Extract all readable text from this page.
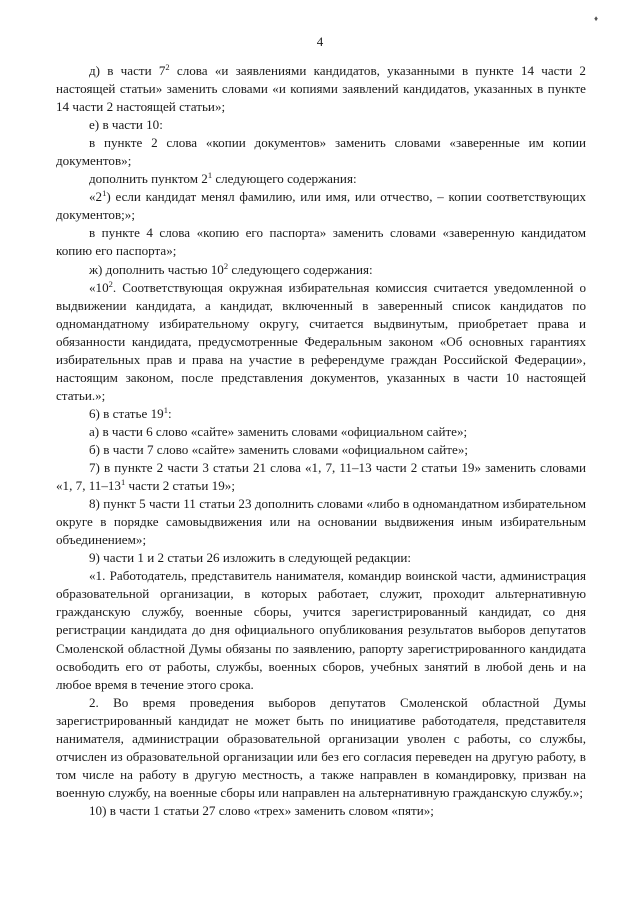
♦
4

д) в части $7^2$ слова «и заявлениями кандидатов, указанными в пункте 14 части 2 настоящей статьи» заменить словами «и копиями заявлений кандидатов, указанных в пункте 14 части 2 настоящей статьи»;

е) в части 10:

в пункте 2 слова «копии документов» заменить словами «заверенные им копии документов»;

дополнить пунктом $2^1$ следующего содержания:

«$2^1$) если кандидат менял фамилию, или имя, или отчество, – копии соответствующих документов;»;

в пункте 4 слова «копию его паспорта» заменить словами «заверенную кандидатом копию его паспорта»;

ж) дополнить частью $10^2$ следующего содержания:

«$10^2$. Соответствующая окружная избирательная комиссия считается уведомленной о выдвижении кандидата, а кандидат, включенный в заверенный список кандидатов по одномандатному избирательному округу, считается выдвинутым, приобретает права и обязанности кандидата, предусмотренные Федеральным законом «Об основных гарантиях избирательных прав и права на участие в референдуме граждан Российской Федерации», настоящим законом, после представления документов, указанных в части 10 настоящей статьи.»;

6) в статье $19^1$:

а) в части 6 слово «сайте» заменить словами «официальном сайте»;

б) в части 7 слово «сайте» заменить словами «официальном сайте»;

7) в пункте 2 части 3 статьи 21 слова «1, 7, 11–13 части 2 статьи 19» заменить словами «1, 7, $11-13^1$ части 2 статьи 19»;

8) пункт 5 части 11 статьи 23 дополнить словами «либо в одномандатном избирательном округе в порядке самовыдвижения или на основании выдвижения иным избирательным объединением»;

9) части 1 и 2 статьи 26 изложить в следующей редакции:

«1. Работодатель, представитель нанимателя, командир воинской части, администрация образовательной организации, в которых работает, служит, проходит альтернативную гражданскую службу, военные сборы, учится зарегистрированный кандидат, со дня регистрации кандидата до дня официального опубликования результатов выборов депутатов Смоленской областной Думы обязаны по заявлению, рапорту зарегистрированного кандидата освободить его от работы, службы, военных сборов, учебных занятий в любой день и на любое время в течение этого срока.

2. Во время проведения выборов депутатов Смоленской областной Думы зарегистрированный кандидат не может быть по инициативе работодателя, представителя нанимателя, администрации образовательной организации уволен с работы, со службы, отчислен из образовательной организации или без его согласия переведен на другую работу, в том числе на работу в другую местность, а также направлен в командировку, призван на военную службу, на военные сборы или направлен на альтернативную гражданскую службу.»;

10) в части 1 статьи 27 слово «трех» заменить словом «пяти»;
